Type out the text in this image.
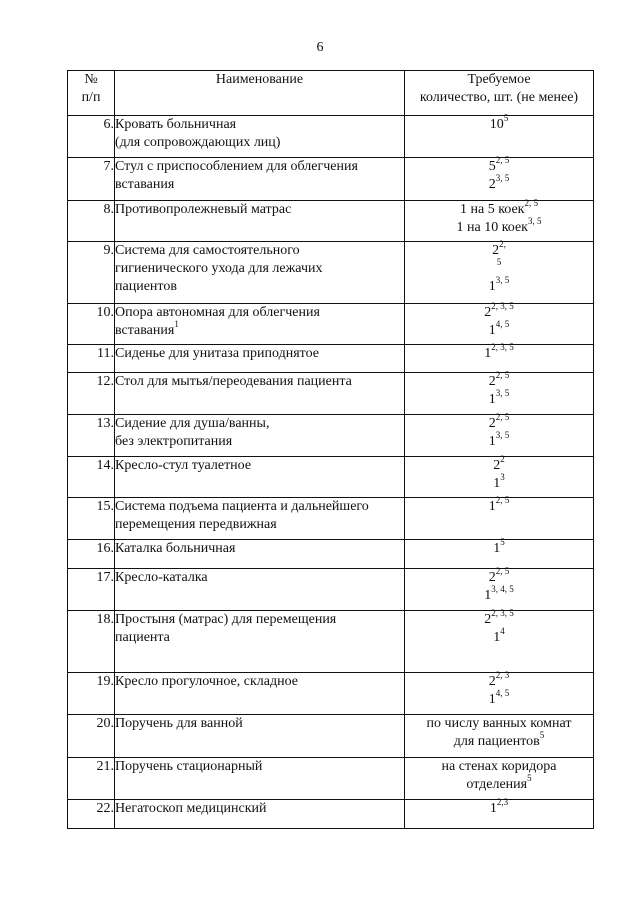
6
№
п/п	Наименование	Требуемое
количество, шт. (не менее)

6.	Кровать больничная
(для сопровождающих лиц)	$10^5$

7.	Стул с приспособлением для облегчения
вставания	5$^{2, 5}$
2$^{3, 5}$

8.	Противопролежневый матрас	1 на 5 коек$^{2, 5}$
1 на 10 коек$^{3, 5}$

9.	Система для самостоятельного
гигиенического ухода для лежачих
пациентов	$2^{2,}$
$^5$
1$^{3, 5}$

10.	Опора автономная для облегчения
вставания$^1$	2$^{2, 3, 5}$
1$^{4, 5}$

11.	Сиденье для унитаза приподнятое	1$^{2, 3, 5}$

12.	Стол для мытья/переодевания пациента	2$^{2, 5}$
1$^{3, 5}$

13.	Сидение для душа/ванны,
без электропитания	2$^{2, 5}$
1$^{3, 5}$

14.	Кресло-стул туалетное	$2^2$
$1^3$

15.	Система подъема пациента и дальнейшего
перемещения передвижная	1$^{2, 5}$

16.	Каталка больничная	$1^5$

17.	Кресло-каталка	2$^{2, 5}$
1$^{3, 4, 5}$

18.	Простыня (матрас) для перемещения
пациента	2$^{2, 3, 5}$
$1^4$

19.	Кресло прогулочное, складное	2$^{2, 3}$
1$^{4, 5}$

20.	Поручень для ванной	по числу ванных комнат
для пациентов$^5$

21.	Поручень стационарный	на стенах коридора
отделения$^5$

22.	Негатоскоп медицинский	1$^{2,3}$
